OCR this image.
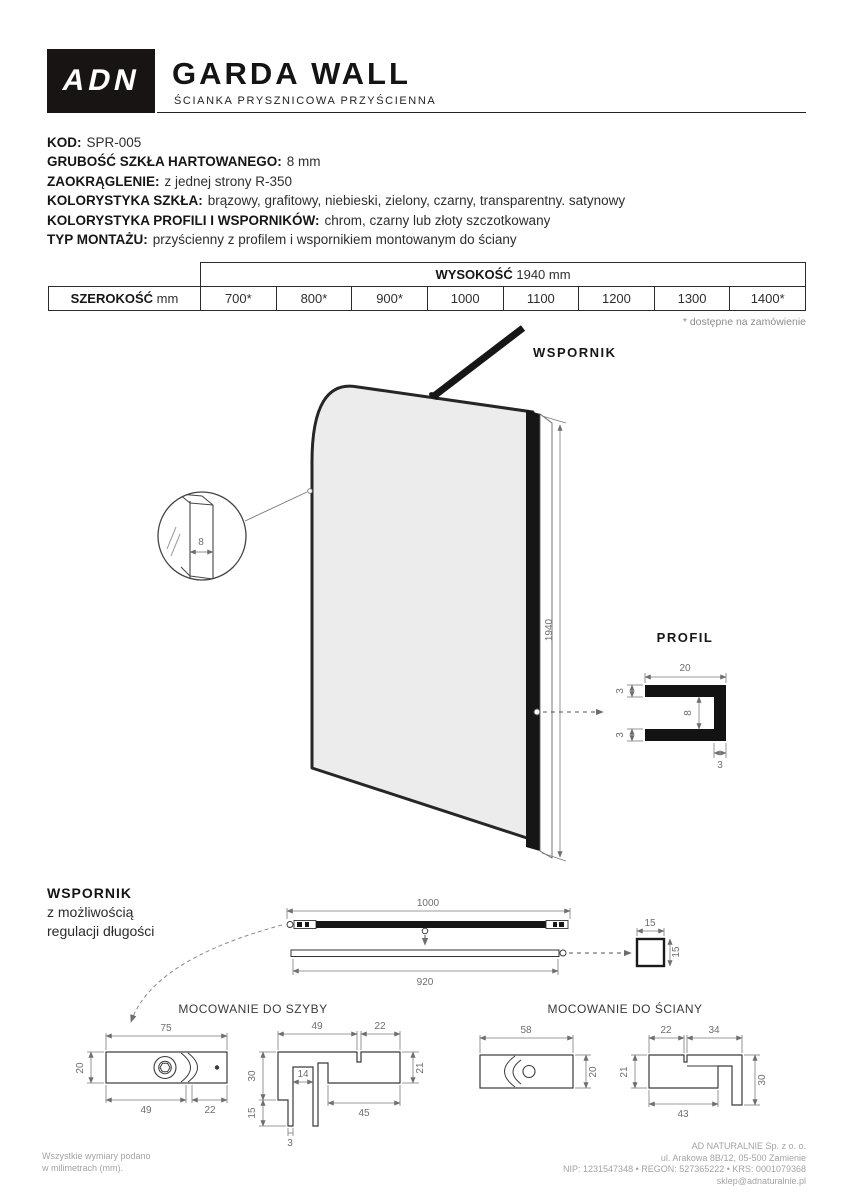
WSPORNIK
1940
8
PROFIL
20
3
8
3
3
1000
920
15
15
75
20
49	22
49	22
30
15
14
45
21
3
58
20
22	34
21
30
43
ADN GARDA WALL
ŚCIANKA PRYSZNICOWA PRZYŚCIENNA
KOD: SPR-005
GRUBOŚĆ SZKŁA HARTOWANEGO: 8 mm
ZAOKRĄGLENIE: z jednej strony R-350
KOLORYSTYKA SZKŁA: brązowy, grafitowy, niebieski, zielony, czarny, transparentny. satynowy
KOLORYSTYKA PROFILI I WSPORNIKÓW: chrom, czarny lub złoty szczotkowany
TYP MONTAŻU: przyścienny z profilem i wspornikiem montowanym do ściany
	WYSOKOŚĆ 1940 mm							
SZEROKOŚĆ mm	700*	800*	900*	1000	1100	1200	1300	1400*
* dostępne na zamówienie
WSPORNIK
z możliwością
regulacji długości
MOCOWANIE DO SZYBY	MOCOWANIE DO ŚCIANY
Wszystkie wymiary podano
w milimetrach (mm).
AD NATURALNIE Sp. z o. o.
ul. Arakowa 8B/12, 05-500 Zamienie
NIP: 1231547348 • REGON: 527365222 • KRS: 0001079368
sklep@adnaturalnie.pl
